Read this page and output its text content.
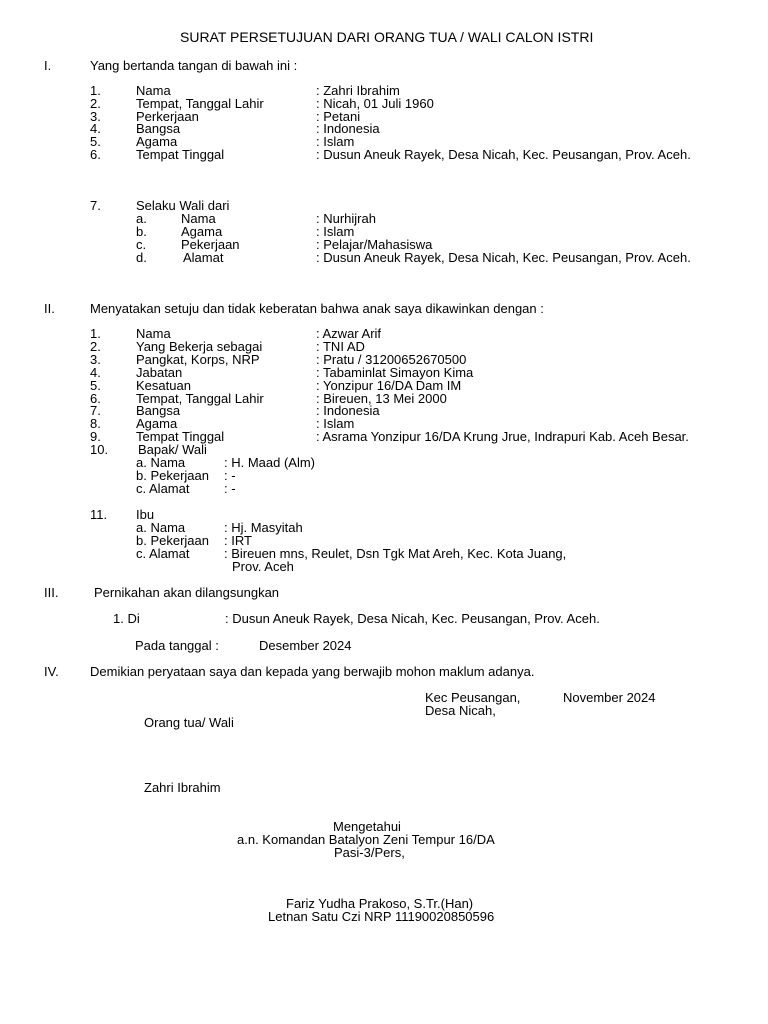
SURAT PERSETUJUAN DARI ORANG TUA / WALI CALON ISTRI
I.	Yang bertanda tangan di bawah ini :
1.	Nama	: Zahri Ibrahim
2.	Tempat, Tanggal Lahir	: Nicah, 01 Juli 1960
3.	Perkerjaan	: Petani
4.	Bangsa	: Indonesia
5.	Agama	: Islam
6.	Tempat Tinggal	: Dusun Aneuk Rayek, Desa Nicah, Kec. Peusangan, Prov. Aceh.
7.	Selaku Wali dari
a.	Nama	: Nurhijrah
b.	Agama	: Islam
c.	Pekerjaan	: Pelajar/Mahasiswa
d.	Alamat	: Dusun Aneuk Rayek, Desa Nicah, Kec. Peusangan, Prov. Aceh.
II.	Menyatakan setuju dan tidak keberatan bahwa anak saya dikawinkan dengan :
1.	Nama	: Azwar Arif
2.	Yang Bekerja sebagai	: TNI AD
3.	Pangkat, Korps, NRP	: Pratu / 31200652670500
4.	Jabatan	: Tabaminlat Simayon Kima
5.	Kesatuan	: Yonzipur 16/DA Dam IM
6.	Tempat, Tanggal Lahir	: Bireuen, 13 Mei 2000
7.	Bangsa	: Indonesia
8.	Agama	: Islam
9.	Tempat Tinggal	: Asrama Yonzipur 16/DA Krung Jrue, Indrapuri Kab. Aceh Besar.
10. Bapak/ Wali
a. Nama	: H. Maad (Alm)
b. Pekerjaan : -
c. Alamat	: -
11. Ibu
a. Nama	: Hj. Masyitah
b. Pekerjaan : IRT
c. Alamat	: Bireuen mns, Reulet, Dsn Tgk Mat Areh, Kec. Kota Juang,
Prov. Aceh
III.	Pernikahan akan dilangsungkan
1. Di	: Dusun Aneuk Rayek, Desa Nicah, Kec. Peusangan, Prov. Aceh.
Pada tanggal :	Desember 2024
IV. Demikian peryataan saya dan kepada yang berwajib mohon maklum adanya.
Kec Peusangan,	November 2024
Desa Nicah,
Orang tua/ Wali
Zahri Ibrahim
Mengetahui
a.n. Komandan Batalyon Zeni Tempur 16/DA
Pasi-3/Pers,
Fariz Yudha Prakoso, S.Tr.(Han)
Letnan Satu Czi NRP 11190020850596
